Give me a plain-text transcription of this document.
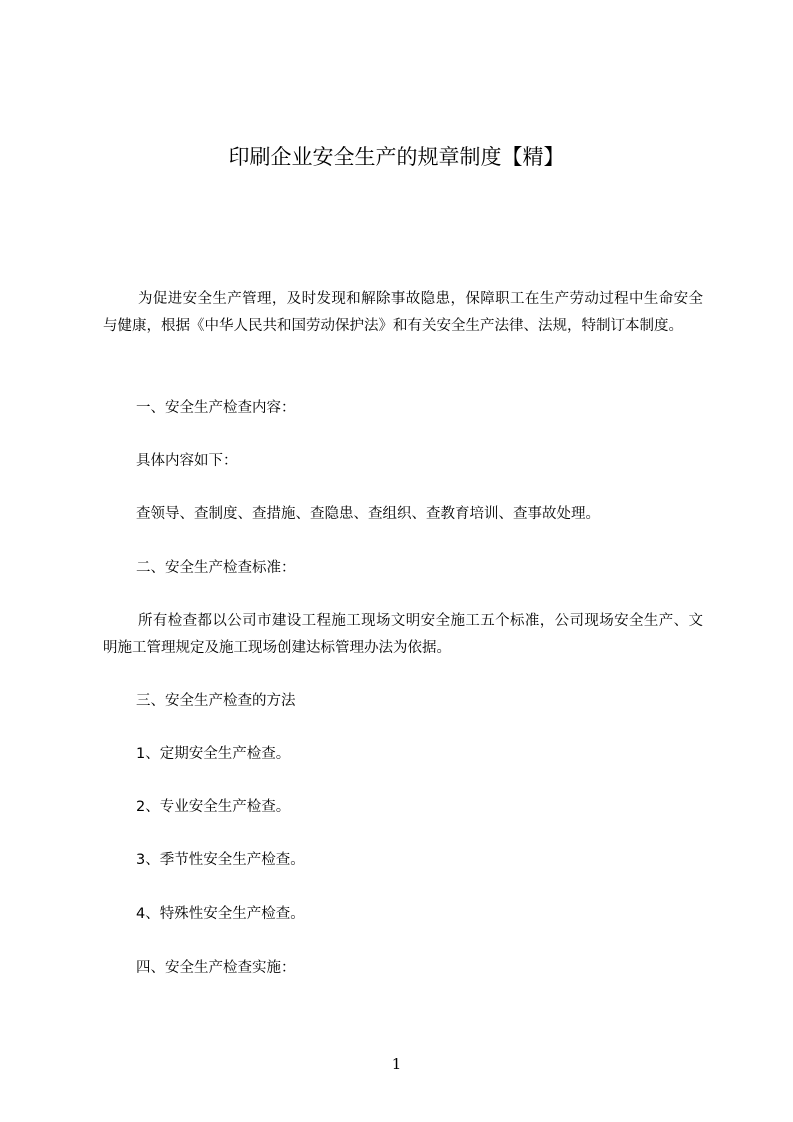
印刷企业安全生产的规章制度【精】
为促进安全生产管理，及时发现和解除事故隐患，保障职工在生产劳动过程中生命安全与健康，根据《中华人民共和国劳动保护法》和有关安全生产法律、法规，特制订本制度。
一、安全生产检查内容：
具体内容如下：
查领导、查制度、查措施、查隐患、查组织、查教育培训、查事故处理。
二、安全生产检查标准：
所有检查都以公司市建设工程施工现场文明安全施工五个标准，公司现场安全生产、文明施工管理规定及施工现场创建达标管理办法为依据。
三、安全生产检查的方法
1、定期安全生产检查。
2、专业安全生产检查。
3、季节性安全生产检查。
4、特殊性安全生产检查。
四、安全生产检查实施：
1
